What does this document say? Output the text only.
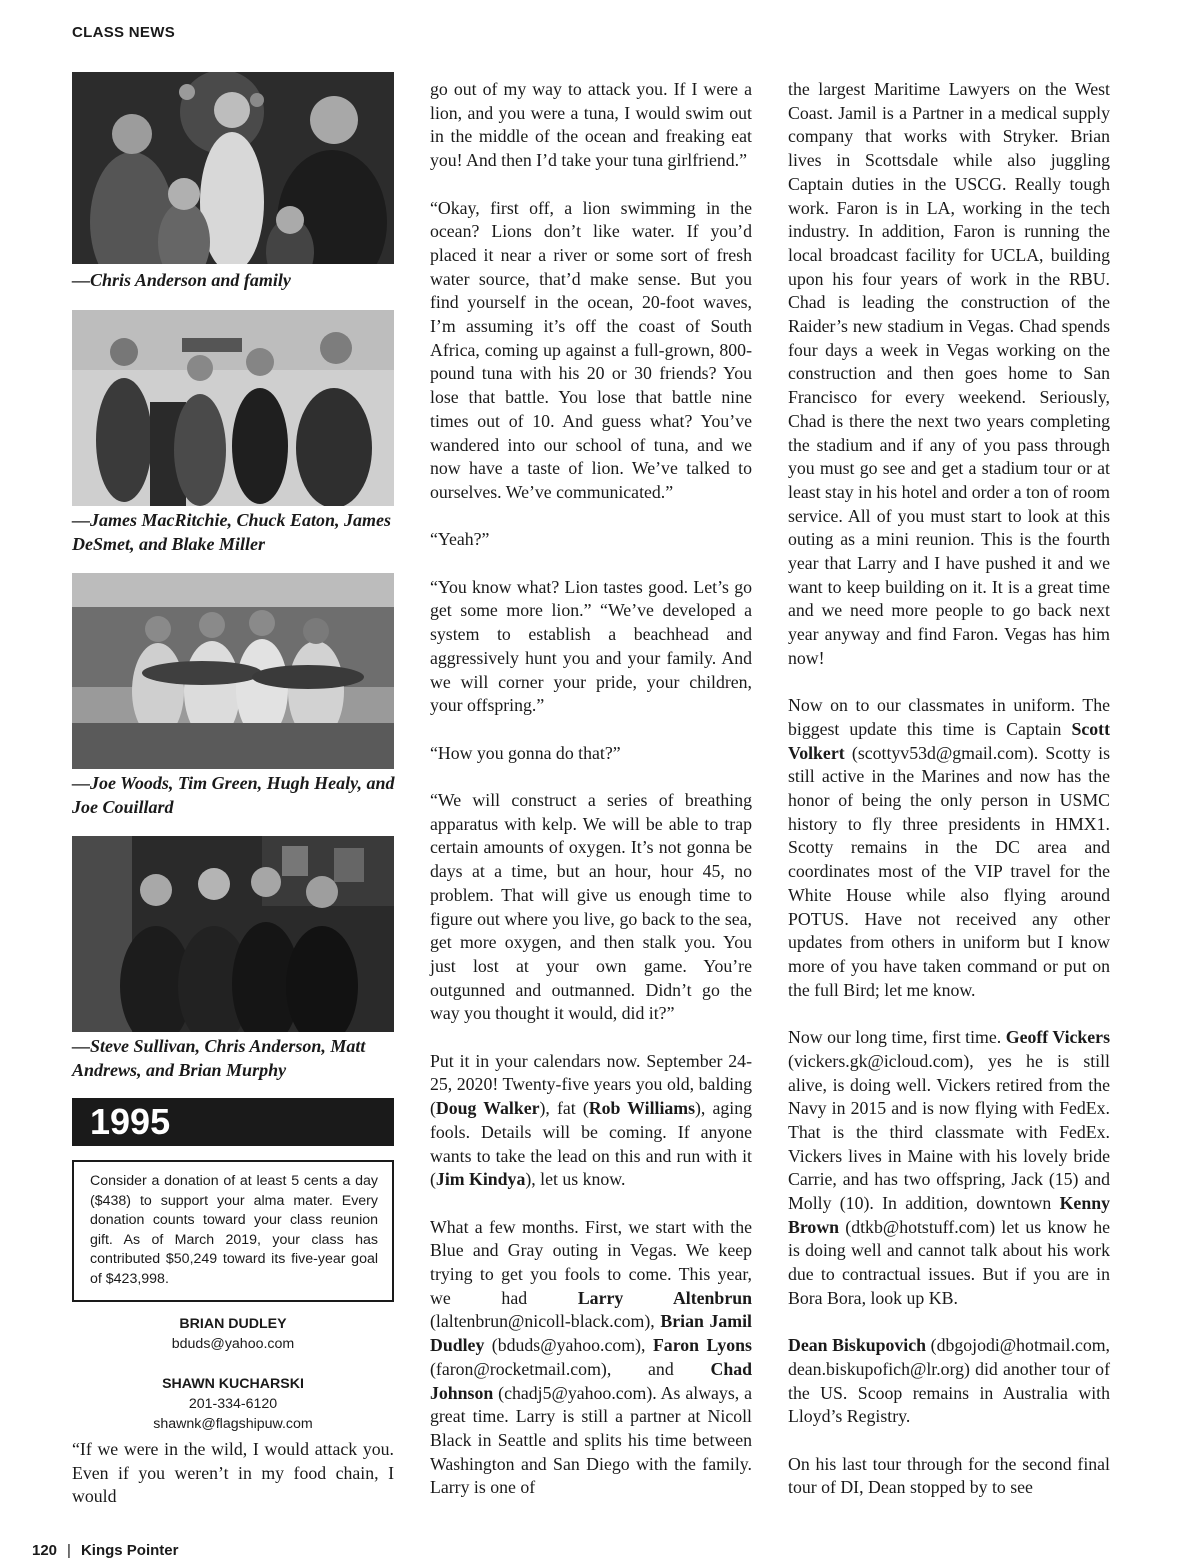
CLASS NEWS
—Chris Anderson and family
—James MacRitchie, Chuck Eaton, James DeSmet, and Blake Miller
—Joe Woods, Tim Green, Hugh Healy, and Joe Couillard
—Steve Sullivan, Chris Anderson, Matt Andrews, and Brian Murphy
1995
Consider a donation of at least 5 cents a day ($438) to support your alma mater. Every donation counts toward your class reunion gift. As of March 2019, your class has contributed $50,249 toward its five-year goal of $423,998.
BRIAN DUDLEY
bduds@yahoo.com
SHAWN KUCHARSKI
201-334-6120
shawnk@flagshipuw.com
“If we were in the wild, I would attack you. Even if you weren’t in my food chain, I would

go out of my way to attack you. If I were a lion, and you were a tuna, I would swim out in the middle of the ocean and freaking eat you! And then I’d take your tuna girlfriend.”

“Okay, first off, a lion swimming in the ocean? Lions don’t like water. If you’d placed it near a river or some sort of fresh water source, that’d make sense. But you find yourself in the ocean, 20-foot waves, I’m assuming it’s off the coast of South Africa, coming up against a full-grown, 800-pound tuna with his 20 or 30 friends? You lose that battle. You lose that battle nine times out of 10. And guess what? You’ve wandered into our school of tuna, and we now have a taste of lion. We’ve talked to ourselves. We’ve communicated.”

“Yeah?”

“You know what? Lion tastes good. Let’s go get some more lion.” “We’ve developed a system to establish a beachhead and aggressively hunt you and your family. And we will corner your pride, your children, your offspring.”

“How you gonna do that?”

“We will construct a series of breathing apparatus with kelp. We will be able to trap certain amounts of oxygen. It’s not gonna be days at a time, but an hour, hour 45, no problem. That will give us enough time to figure out where you live, go back to the sea, get more oxygen, and then stalk you. You just lost at your own game. You’re outgunned and outmanned. Didn’t go the way you thought it would, did it?”

Put it in your calendars now. September 24-25, 2020! Twenty-five years you old, balding (Doug Walker), fat (Rob Williams), aging fools. Details will be coming. If anyone wants to take the lead on this and run with it (Jim Kindya), let us know.

What a few months. First, we start with the Blue and Gray outing in Vegas. We keep trying to get you fools to come. This year, we had Larry Altenbrun (laltenbrun@nicoll-black.com), Brian Jamil Dudley (bduds@yahoo.com), Faron Lyons (faron@rocketmail.com), and Chad Johnson (chadj5@yahoo.com). As always, a great time. Larry is still a partner at Nicoll Black in Seattle and splits his time between Washington and San Diego with the family. Larry is one of

the largest Maritime Lawyers on the West Coast. Jamil is a Partner in a medical supply company that works with Stryker. Brian lives in Scottsdale while also juggling Captain duties in the USCG. Really tough work. Faron is in LA, working in the tech industry. In addition, Faron is running the local broadcast facility for UCLA, building upon his four years of work in the RBU. Chad is leading the construction of the Raider’s new stadium in Vegas. Chad spends four days a week in Vegas working on the construction and then goes home to San Francisco for every weekend. Seriously, Chad is there the next two years completing the stadium and if any of you pass through you must go see and get a stadium tour or at least stay in his hotel and order a ton of room service. All of you must start to look at this outing as a mini reunion. This is the fourth year that Larry and I have pushed it and we want to keep building on it. It is a great time and we need more people to go back next year anyway and find Faron. Vegas has him now!

Now on to our classmates in uniform. The biggest update this time is Captain Scott Volkert (scottyv53d@gmail.com). Scotty is still active in the Marines and now has the honor of being the only person in USMC history to fly three presidents in HMX1. Scotty remains in the DC area and coordinates most of the VIP travel for the White House while also flying around POTUS. Have not received any other updates from others in uniform but I know more of you have taken command or put on the full Bird; let me know.

Now our long time, first time. Geoff Vickers (vickers.gk@icloud.com), yes he is still alive, is doing well. Vickers retired from the Navy in 2015 and is now flying with FedEx. That is the third classmate with FedEx. Vickers lives in Maine with his lovely bride Carrie, and has two offspring, Jack (15) and Molly (10). In addition, downtown Kenny Brown (dtkb@hotstuff.com) let us know he is doing well and cannot talk about his work due to contractual issues. But if you are in Bora Bora, look up KB.

Dean Biskupovich (dbgojodi@hotmail.com, dean.biskupofich@lr.org) did another tour of the US. Scoop remains in Australia with Lloyd’s Registry.

On his last tour through for the second final tour of DI, Dean stopped by to see

120 | Kings Pointer
